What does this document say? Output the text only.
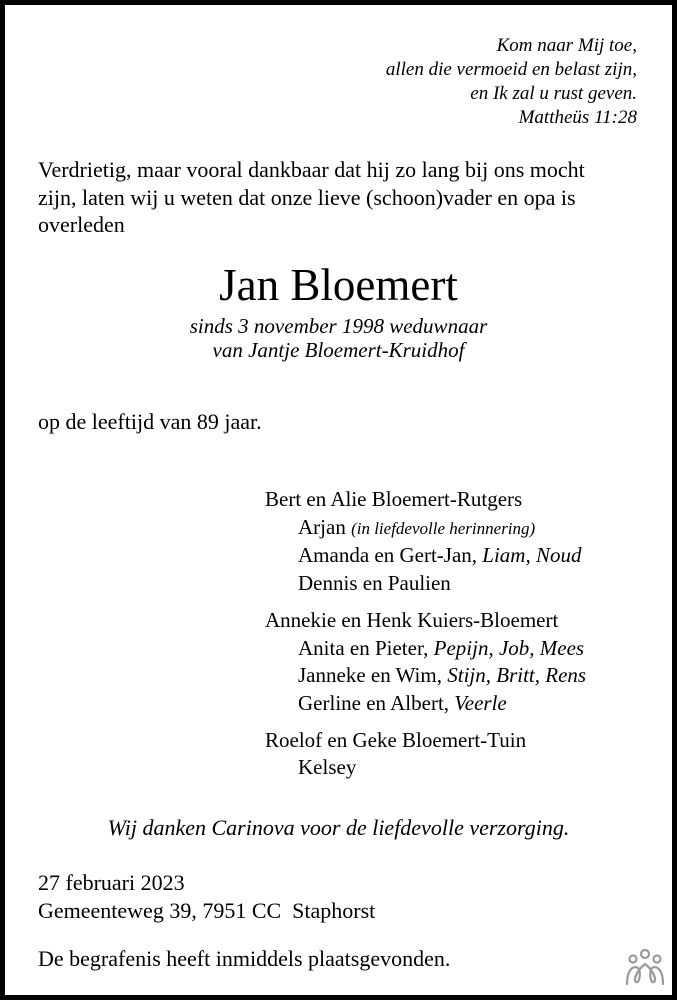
Kom naar Mij toe,
allen die vermoeid en belast zijn,
en Ik zal u rust geven.
Mattheüs 11:28
Verdrietig, maar vooral dankbaar dat hij zo lang bij ons mocht
zijn, laten wij u weten dat onze lieve (schoon)vader en opa is
overleden
Jan Bloemert
sinds 3 november 1998 weduwnaar
van Jantje Bloemert-Kruidhof
op de leeftijd van 89 jaar.
Bert en Alie Bloemert-Rutgers
Arjan (in liefdevolle herinnering)
Amanda en Gert-Jan, Liam, Noud
Dennis en Paulien
Annekie en Henk Kuiers-Bloemert
Anita en Pieter, Pepijn, Job, Mees
Janneke en Wim, Stijn, Britt, Rens
Gerline en Albert, Veerle
Roelof en Geke Bloemert-Tuin
Kelsey
Wij danken Carinova voor de liefdevolle verzorging.
27 februari 2023
Gemeenteweg 39, 7951 CC  Staphorst
De begrafenis heeft inmiddels plaatsgevonden.
